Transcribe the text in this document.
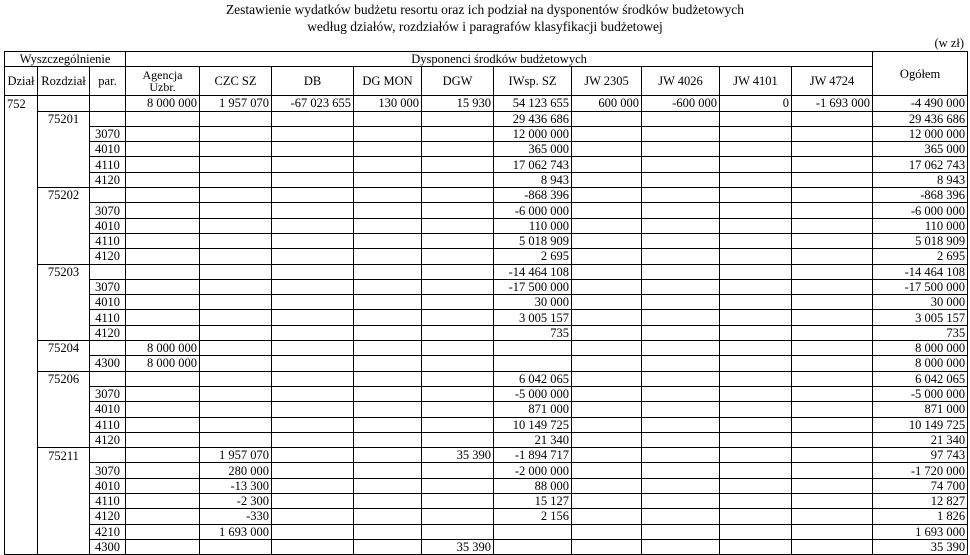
Zestawienie wydatków budżetu resortu oraz ich podział na dysponentów środków budżetowych
według działów, rozdziałów i paragrafów klasyfikacji budżetowej
(w zł)
Wyszczególnienie			Dysponenci środków budżetowych										Ogółem
Dział	Rozdział	par.	Agencja Uzbr.	CZC SZ	DB	DG MON	DGW	IWsp. SZ	JW 2305	JW 4026	JW 4101	JW 4724	
752			8 000 000	1 957 070	-67 023 655	130 000	15 930	54 123 655	600 000	-600 000	0	-1 693 000	-4 490 000
	75201							29 436 686					29 436 686
		3070						12 000 000					12 000 000
		4010						365 000					365 000
		4110						17 062 743					17 062 743
		4120						8 943					8 943
	75202							-868 396					-868 396
		3070						-6 000 000					-6 000 000
		4010						110 000					110 000
		4110						5 018 909					5 018 909
		4120						2 695					2 695
	75203							-14 464 108					-14 464 108
		3070						-17 500 000					-17 500 000
		4010						30 000					30 000
		4110						3 005 157					3 005 157
		4120						735					735
	75204		8 000 000										8 000 000
		4300	8 000 000										8 000 000
	75206							6 042 065					6 042 065
		3070						-5 000 000					-5 000 000
		4010						871 000					871 000
		4110						10 149 725					10 149 725
		4120						21 340					21 340
	75211			1 957 070			35 390	-1 894 717					97 743
		3070		280 000				-2 000 000					-1 720 000
		4010		-13 300				88 000					74 700
		4110		-2 300				15 127					12 827
		4120		-330				2 156					1 826
		4210		1 693 000									1 693 000
		4300					35 390						35 390
